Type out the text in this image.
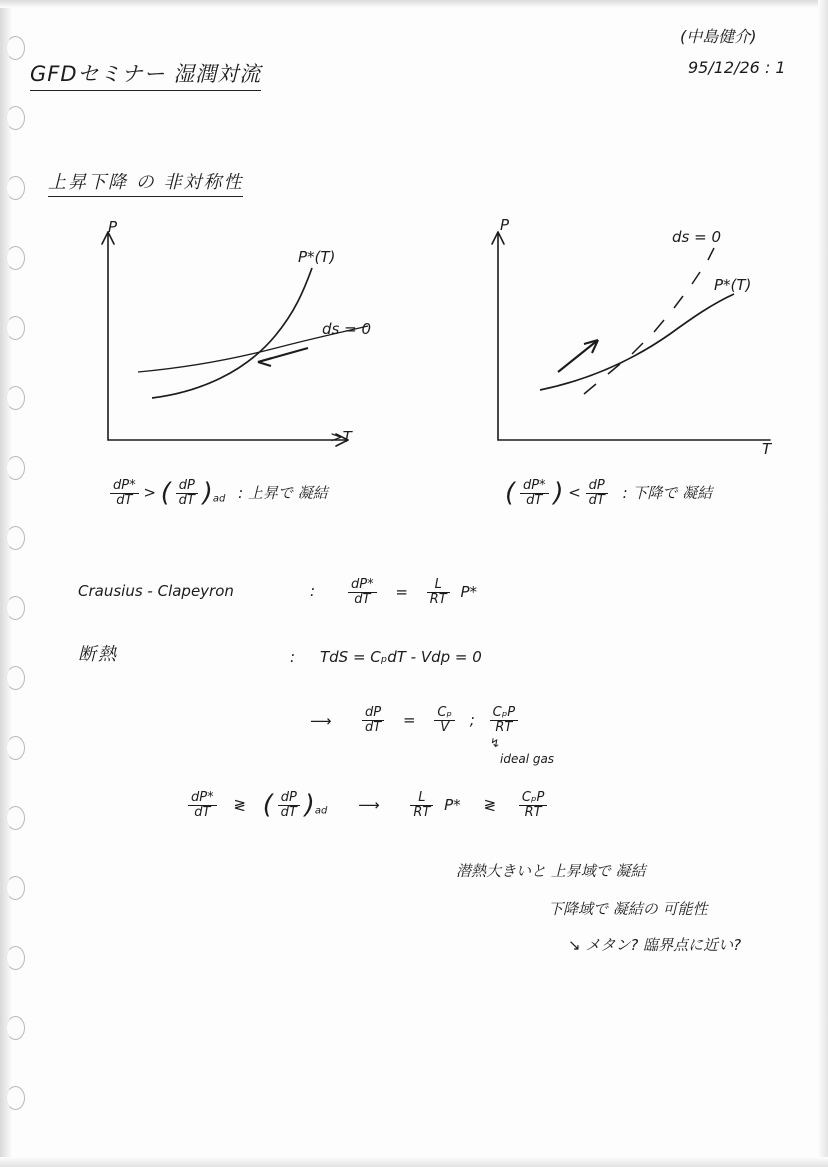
GFDセミナー 湿潤対流
(中島健介)
95/12/26 : 1
上昇下降 の 非対称性
P
>T
P*(T)
ds = 0
$\frac{dP*}{dT}$ > ( $\frac{dP}{dT} )_{ad}$ : 上昇で 凝結
P
T
P*(T)
ds = 0
( $\frac{dP*}{dT}$ ) < $\frac{dP}{dT}$ : 下降で 凝結
Crausius - Clapeyron	:	$\frac{dP*}{dT} = \frac{L}{RT} P*$
断熱	: TdS = CₚdT - Vdp = 0
⟶ $\frac{dP}{dT} = \frac{\text{Cₚ}}{V}$ ; $\frac{\text{CₚP}}{RT}$
↯
ideal gas
$\frac{dP*}{dT}$ ≷ ( $\frac{dP}{dT} )_{ad}$ ⟶ $\frac{L}{RT} P*$ ≷ $\frac{\text{CₚP}}{RT}$
潜熱大きいと 上昇域で 凝結
下降域で 凝結の 可能性
↘ メタン? 臨界点に近い?
